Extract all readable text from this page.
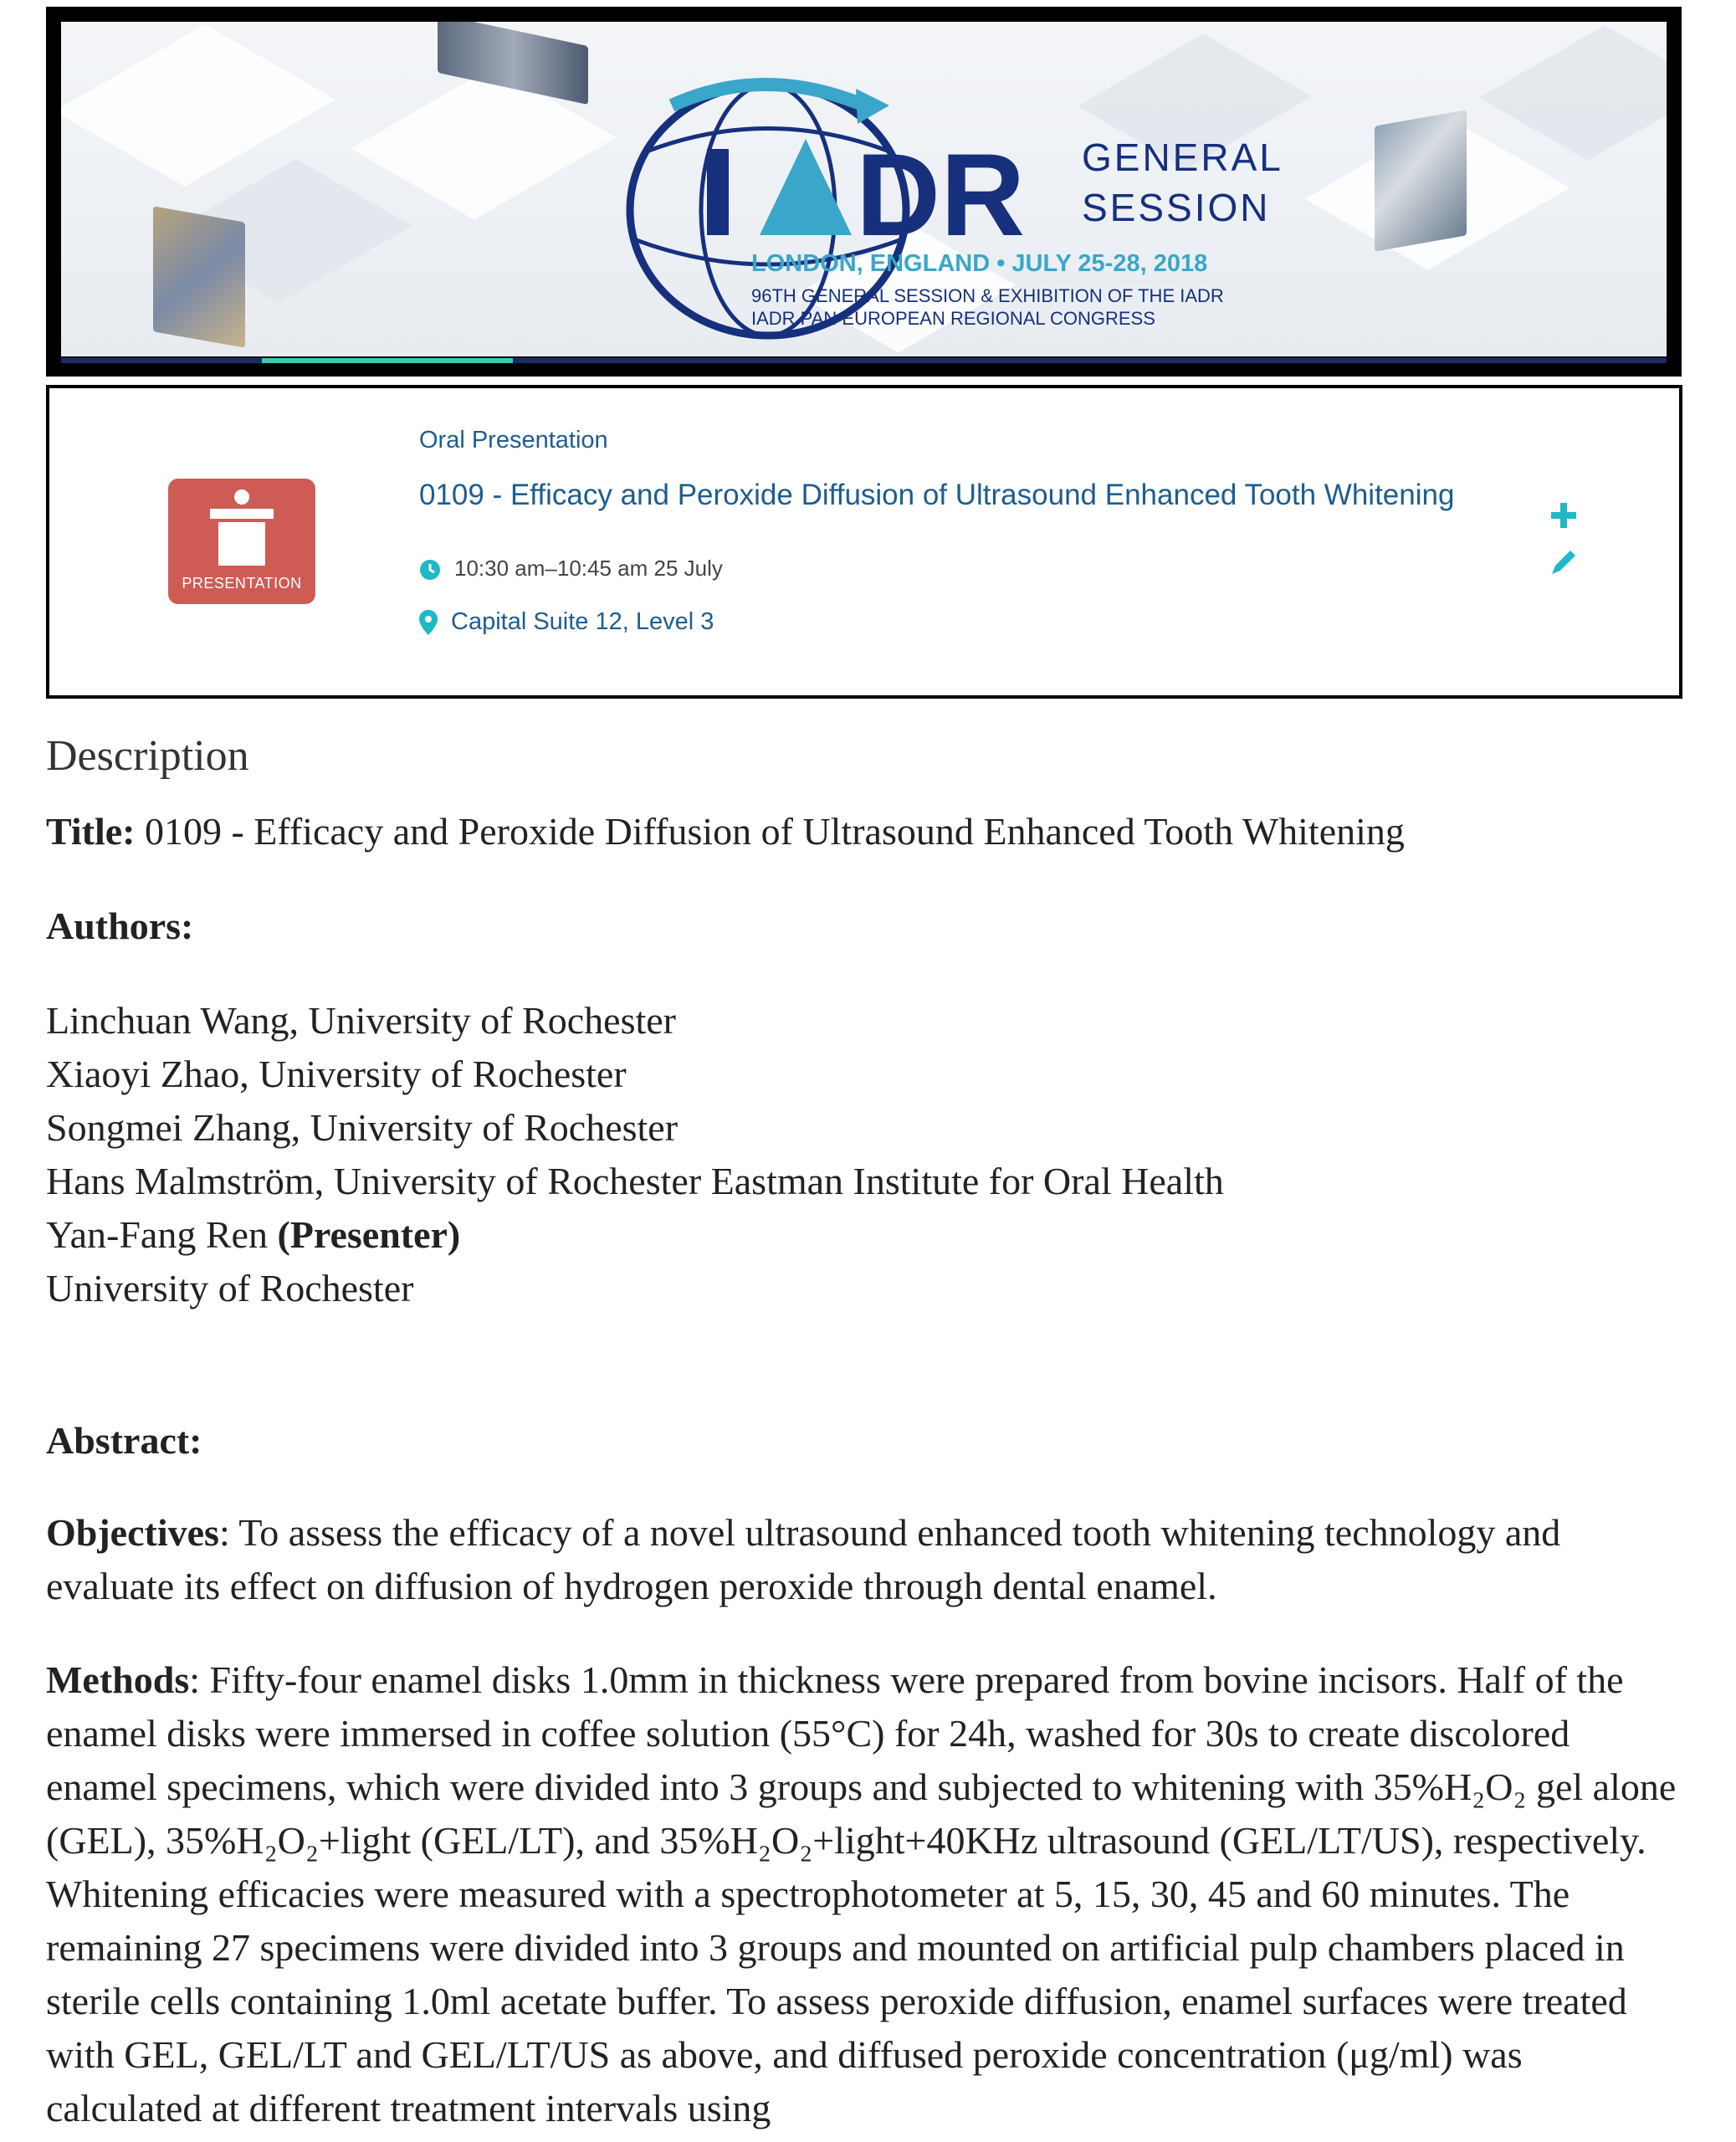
DR GENERAL
SESSION
LONDON, ENGLAND • JULY 25-28, 2018
96TH GENERAL SESSION & EXHIBITION OF THE IADR
IADR PAN EUROPEAN REGIONAL CONGRESS
PRESENTATION
Oral Presentation
0109 - Efficacy and Peroxide Diffusion of Ultrasound Enhanced Tooth Whitening
10:30 am–10:45 am 25 July
Capital Suite 12, Level 3
Description
Title: 0109 - Efficacy and Peroxide Diffusion of Ultrasound Enhanced Tooth Whitening
Authors:
Linchuan Wang, University of Rochester
Xiaoyi Zhao, University of Rochester
Songmei Zhang, University of Rochester
Hans Malmström, University of Rochester Eastman Institute for Oral Health
Yan-Fang Ren (Presenter)
University of Rochester
Abstract:
Objectives: To assess the efficacy of a novel ultrasound enhanced tooth whitening technology and evaluate its effect on diffusion of hydrogen peroxide through dental enamel.
Methods: Fifty-four enamel disks 1.0mm in thickness were prepared from bovine incisors. Half of the enamel disks were immersed in coffee solution (55°C) for 24h, washed for 30s to create discolored enamel specimens, which were divided into 3 groups and subjected to whitening with 35%H₂O₂ gel alone (GEL), 35%H₂O₂+light (GEL/LT), and 35%H₂O₂+light+40KHz ultrasound (GEL/LT/US), respectively. Whitening efficacies were measured with a spectrophotometer at 5, 15, 30, 45 and 60 minutes. The remaining 27 specimens were divided into 3 groups and mounted on artificial pulp chambers placed in sterile cells containing 1.0ml acetate buffer. To assess peroxide diffusion, enamel surfaces were treated with GEL, GEL/LT and GEL/LT/US as above, and diffused peroxide concentration (μg/ml) was calculated at different treatment intervals using
